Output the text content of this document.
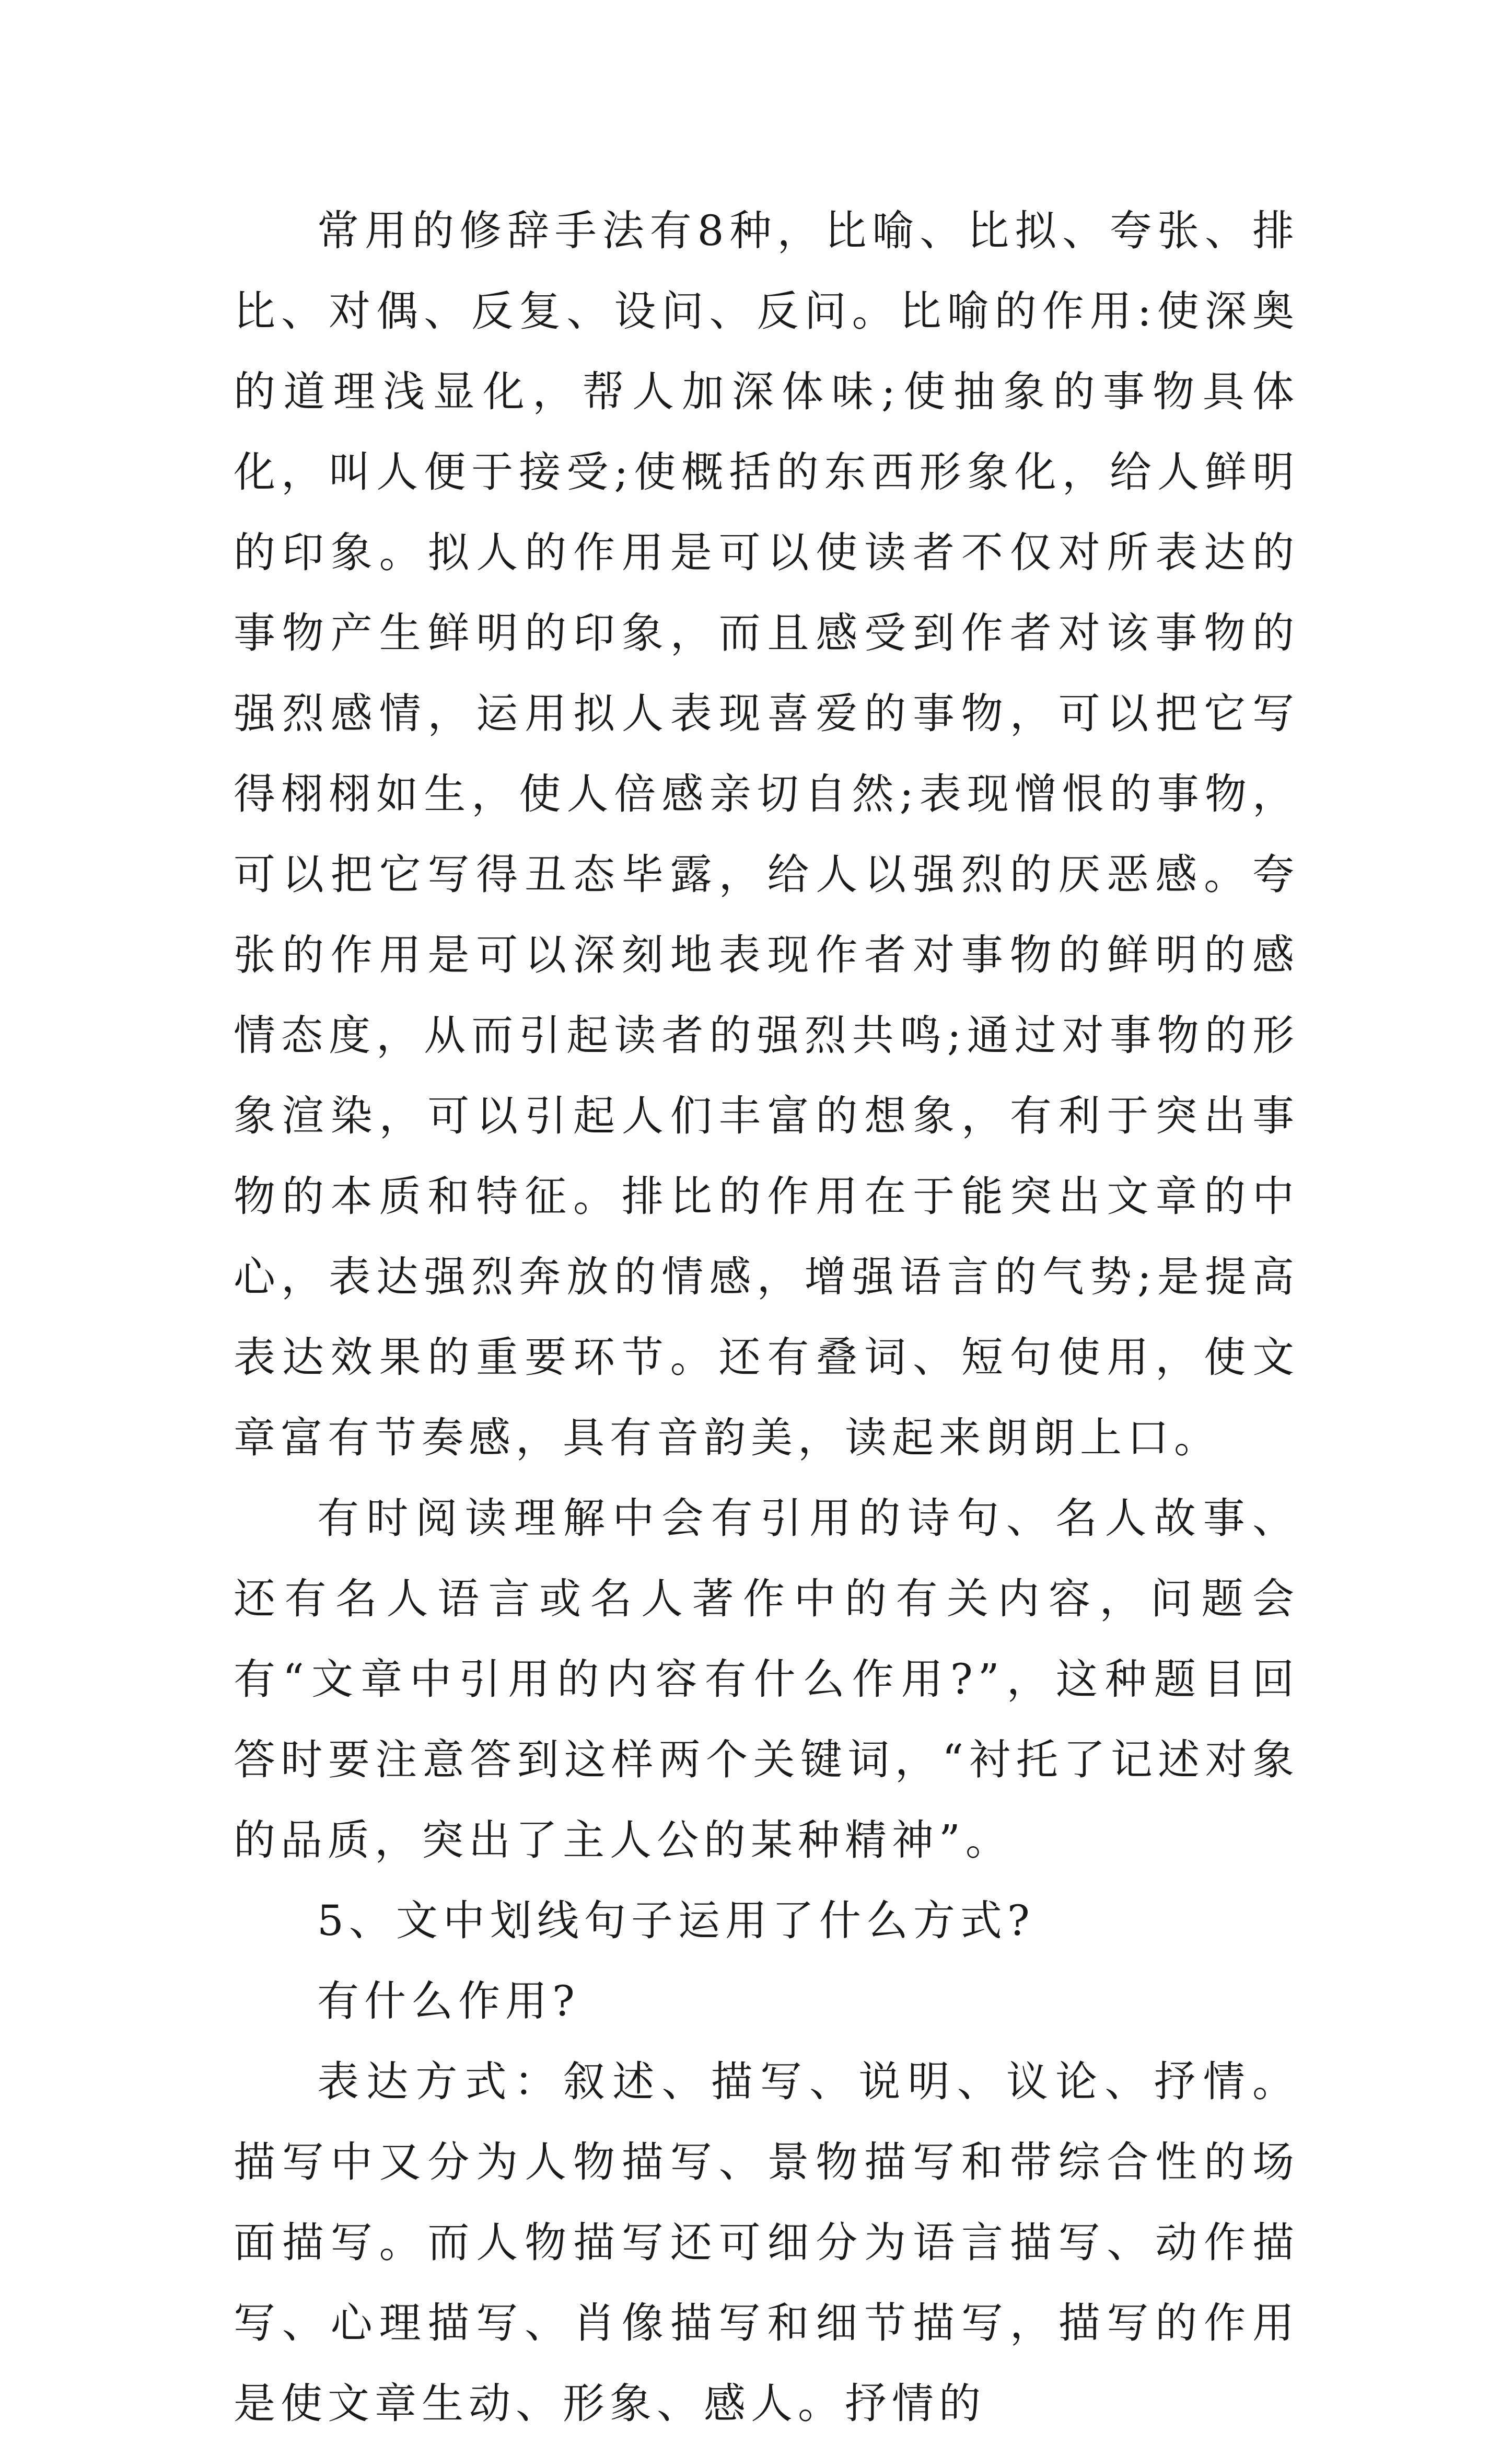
常用的修辞手法有8种，比喻、比拟、夸张、排比、对偶、反复、设问、反问。比喻的作用:使深奥的道理浅显化，帮人加深体味;使抽象的事物具体化，叫人便于接受;使概括的东西形象化，给人鲜明的印象。拟人的作用是可以使读者不仅对所表达的事物产生鲜明的印象，而且感受到作者对该事物的强烈感情，运用拟人表现喜爱的事物，可以把它写得栩栩如生，使人倍感亲切自然;表现憎恨的事物，可以把它写得丑态毕露，给人以强烈的厌恶感。夸张的作用是可以深刻地表现作者对事物的鲜明的感情态度，从而引起读者的强烈共鸣;通过对事物的形象渲染，可以引起人们丰富的想象，有利于突出事物的本质和特征。排比的作用在于能突出文章的中心，表达强烈奔放的情感，增强语言的气势;是提高表达效果的重要环节。还有叠词、短句使用，使文章富有节奏感，具有音韵美，读起来朗朗上口。

有时阅读理解中会有引用的诗句、名人故事、还有名人语言或名人著作中的有关内容，问题会有“文章中引用的内容有什么作用?”，这种题目回答时要注意答到这样两个关键词，“衬托了记述对象的品质，突出了主人公的某种精神”。

5、文中划线句子运用了什么方式?

有什么作用?

表达方式：叙述、描写、说明、议论、抒情。描写中又分为人物描写、景物描写和带综合性的场面描写。而人物描写还可细分为语言描写、动作描写、心理描写、肖像描写和细节描写，描写的作用是使文章生动、形象、感人。抒情的
